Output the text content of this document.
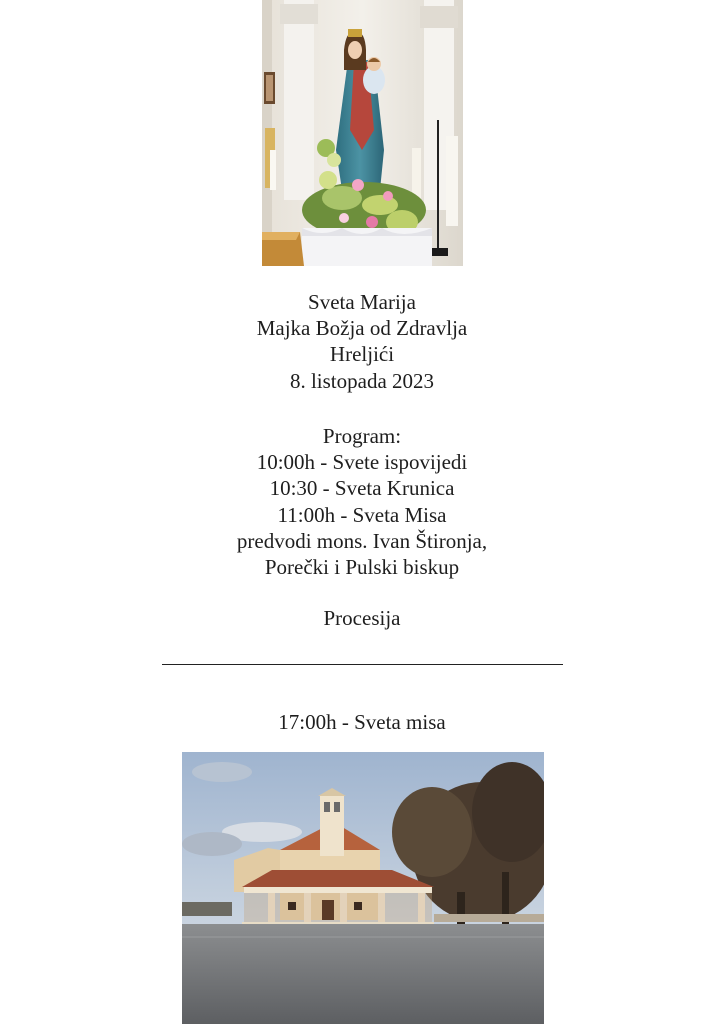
Sveta Marija
Majka Božja od Zdravlja
Hreljići
8. listopada 2023
Program:
10:00h - Svete ispovijedi
10:30 - Sveta Krunica
11:00h - Sveta Misa
predvodi mons. Ivan Štironja,
Porečki i Pulski biskup
Procesija
17:00h - Sveta misa
